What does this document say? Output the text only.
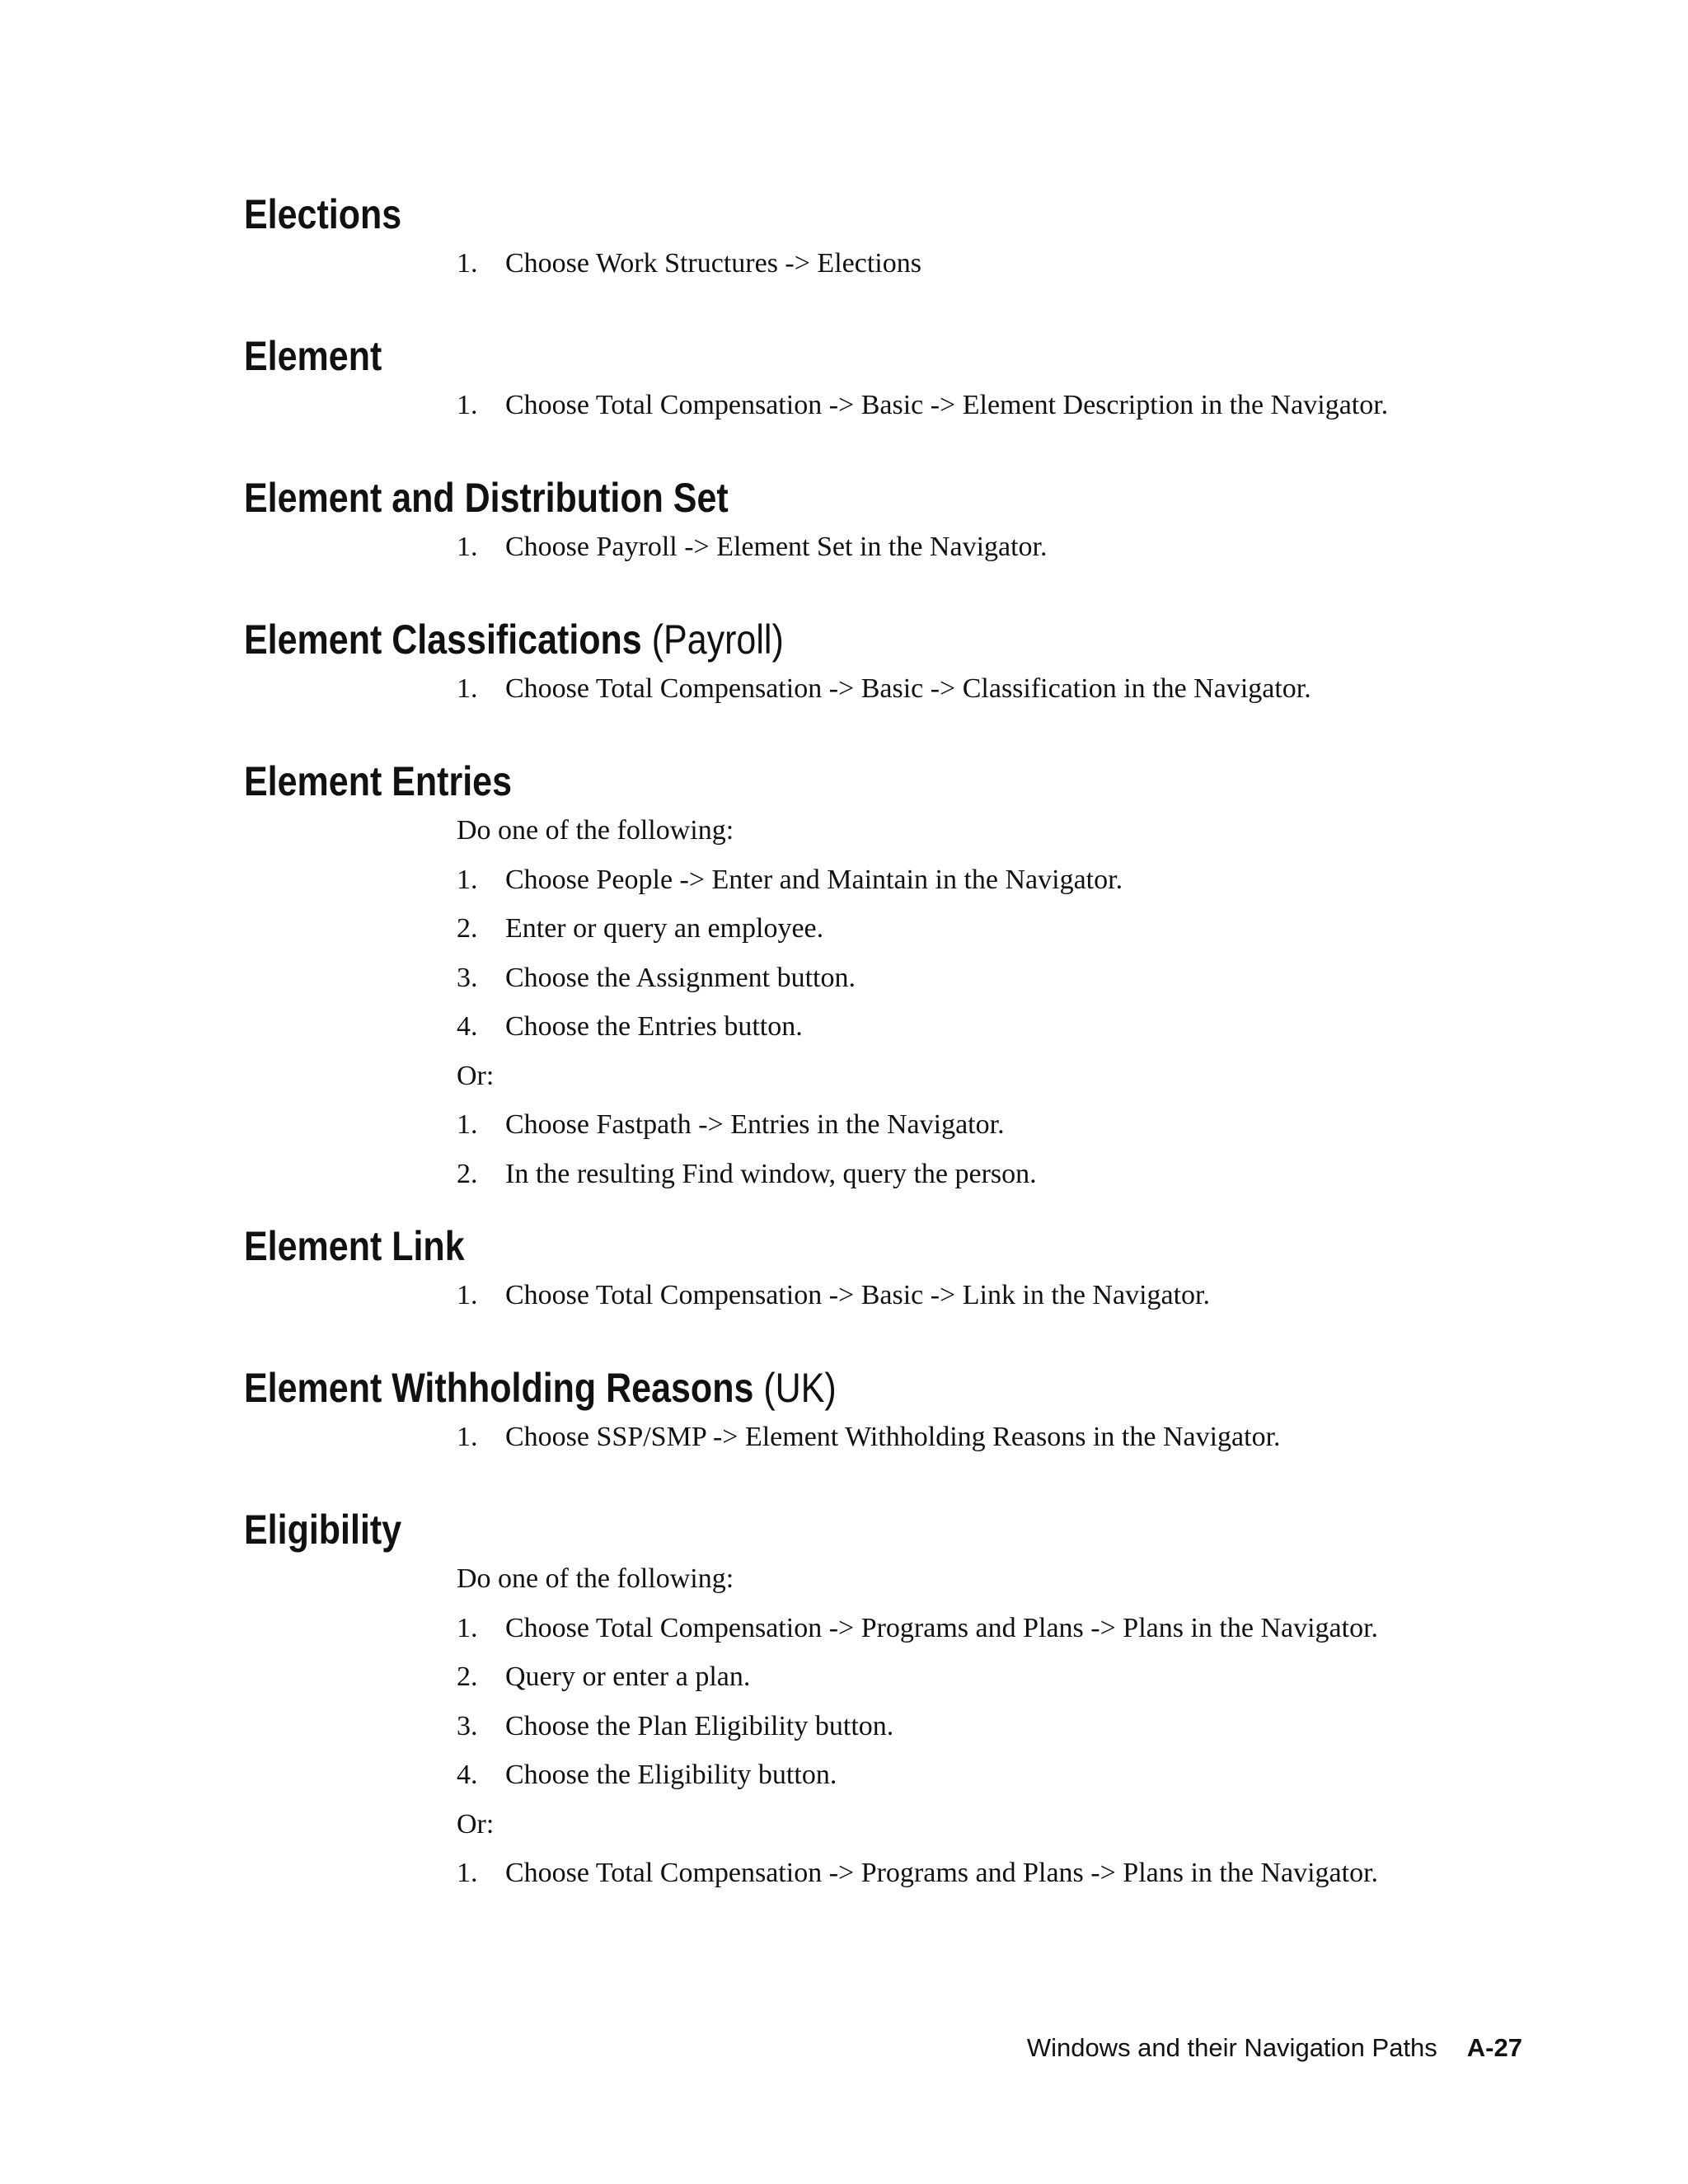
Elections
1. Choose Work Structures -> Elections
Element
1. Choose Total Compensation -> Basic -> Element Description in the Navigator.
Element and Distribution Set
1. Choose Payroll -> Element Set in the Navigator.
Element Classifications (Payroll)
1. Choose Total Compensation -> Basic -> Classification in the Navigator.
Element Entries
Do one of the following:
1. Choose People -> Enter and Maintain in the Navigator.
2. Enter or query an employee.
3. Choose the Assignment button.
4. Choose the Entries button.
Or:
1. Choose Fastpath -> Entries in the Navigator.
2. In the resulting Find window, query the person.
Element Link
1. Choose Total Compensation -> Basic -> Link in the Navigator.
Element Withholding Reasons (UK)
1. Choose SSP/SMP -> Element Withholding Reasons in the Navigator.
Eligibility
Do one of the following:
1. Choose Total Compensation -> Programs and Plans -> Plans in the Navigator.
2. Query or enter a plan.
3. Choose the Plan Eligibility button.
4. Choose the Eligibility button.
Or:
1. Choose Total Compensation -> Programs and Plans -> Plans in the Navigator.
Windows and their Navigation Paths A-27
